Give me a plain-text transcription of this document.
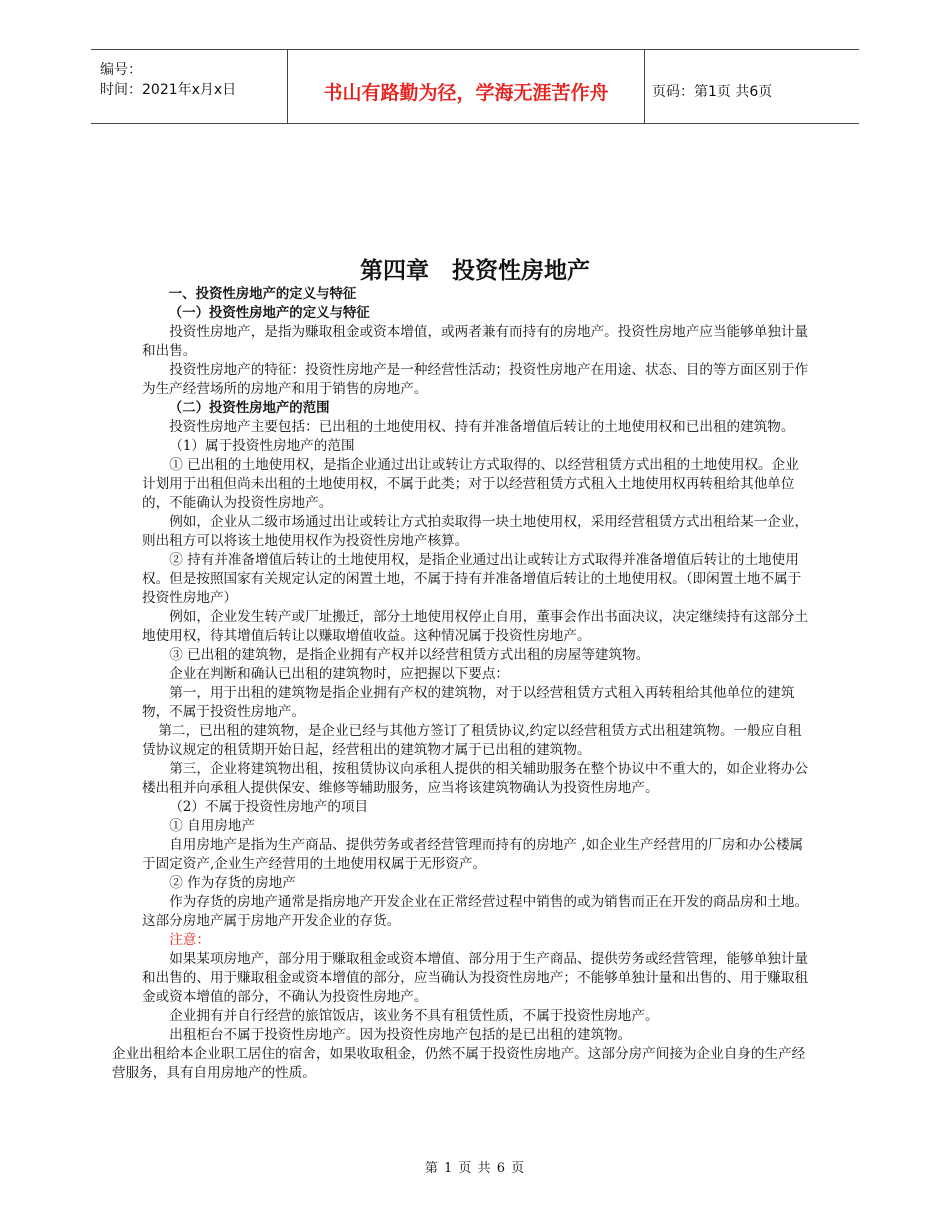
编号：
时间：2021年x月x日	书山有路勤为径，学海无涯苦作舟	页码：第1页 共6页
第四章　投资性房地产

一、投资性房地产的定义与特征

（一）投资性房地产的定义与特征

投资性房地产，是指为赚取租金或资本增值，或两者兼有而持有的房地产。投资性房地产应当能够单独计量和出售。

投资性房地产的特征：投资性房地产是一种经营性活动；投资性房地产在用途、状态、目的等方面区别于作为生产经营场所的房地产和用于销售的房地产。

（二）投资性房地产的范围

投资性房地产主要包括：已出租的土地使用权、持有并准备增值后转让的土地使用权和已出租的建筑物。

（1）属于投资性房地产的范围

① 已出租的土地使用权，是指企业通过出让或转让方式取得的、以经营租赁方式出租的土地使用权。企业计划用于出租但尚未出租的土地使用权，不属于此类；对于以经营租赁方式租入土地使用权再转租给其他单位的，不能确认为投资性房地产。

例如，企业从二级市场通过出让或转让方式拍卖取得一块土地使用权，采用经营租赁方式出租给某一企业，则出租方可以将该土地使用权作为投资性房地产核算。

② 持有并准备增值后转让的土地使用权，是指企业通过出让或转让方式取得并准备增值后转让的土地使用权。但是按照国家有关规定认定的闲置土地，不属于持有并准备增值后转让的土地使用权。（即闲置土地不属于投资性房地产）

例如，企业发生转产或厂址搬迁，部分土地使用权停止自用，董事会作出书面决议，决定继续持有这部分土地使用权，待其增值后转让以赚取增值收益。这种情况属于投资性房地产。

③ 已出租的建筑物，是指企业拥有产权并以经营租赁方式出租的房屋等建筑物。

企业在判断和确认已出租的建筑物时，应把握以下要点：

第一，用于出租的建筑物是指企业拥有产权的建筑物，对于以经营租赁方式租入再转租给其他单位的建筑物，不属于投资性房地产。

第二，已出租的建筑物，是企业已经与其他方签订了租赁协议,约定以经营租赁方式出租建筑物。一般应自租赁协议规定的租赁期开始日起，经营租出的建筑物才属于已出租的建筑物。

第三，企业将建筑物出租，按租赁协议向承租人提供的相关辅助服务在整个协议中不重大的，如企业将办公楼出租并向承租人提供保安、维修等辅助服务，应当将该建筑物确认为投资性房地产。

（2）不属于投资性房地产的项目

① 自用房地产

自用房地产是指为生产商品、提供劳务或者经营管理而持有的房地产 ,如企业生产经营用的厂房和办公楼属于固定资产,企业生产经营用的土地使用权属于无形资产。

② 作为存货的房地产

作为存货的房地产通常是指房地产开发企业在正常经营过程中销售的或为销售而正在开发的商品房和土地。这部分房地产属于房地产开发企业的存货。

注意：

如果某项房地产，部分用于赚取租金或资本增值、部分用于生产商品、提供劳务或经营管理，能够单独计量和出售的、用于赚取租金或资本增值的部分，应当确认为投资性房地产；不能够单独计量和出售的、用于赚取租金或资本增值的部分，不确认为投资性房地产。

企业拥有并自行经营的旅馆饭店，该业务不具有租赁性质，不属于投资性房地产。

出租柜台不属于投资性房地产。因为投资性房地产包括的是已出租的建筑物。

企业出租给本企业职工居住的宿舍，如果收取租金，仍然不属于投资性房地产。这部分房产间接为企业自身的生产经营服务，具有自用房地产的性质。

第 1 页 共 6 页
